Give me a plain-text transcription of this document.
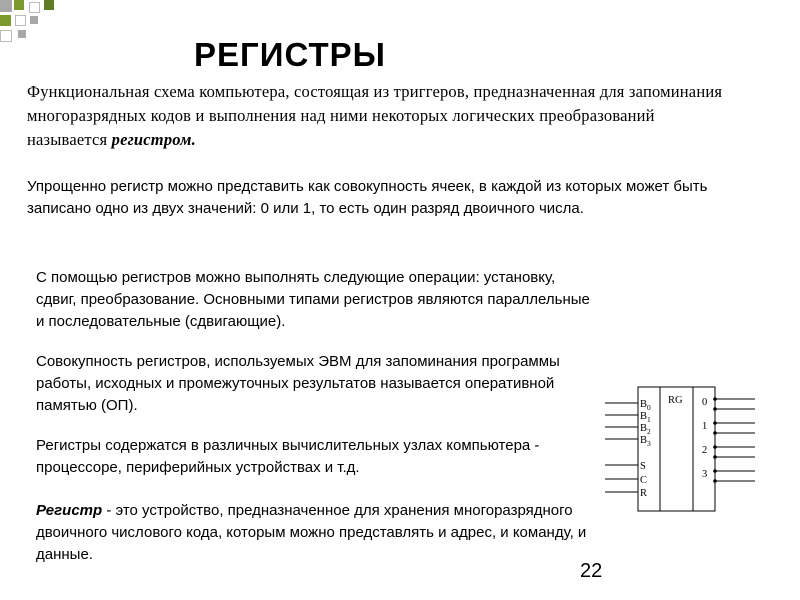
РЕГИСТРЫ

Функциональная схема компьютера, состоящая из триггеров, предназначенная для запоминания многоразрядных кодов и выполнения над ними некоторых логических преобразований называется регистром.

Упрощенно регистр можно представить как совокупность ячеек, в каждой из которых может быть записано одно из двух значений: 0 или 1, то есть один разряд двоичного числа.

С помощью регистров можно выполнять следующие операции: установку, сдвиг, преобразование. Основными типами регистров являются параллельные и последовательные (сдвигающие).

Совокупность регистров, используемых ЭВМ для запоминания программы работы, исходных и промежуточных результатов называется оперативной памятью (ОП).

Регистры содержатся в различных вычислительных узлах компьютера - процессоре, периферийных устройствах и т.д.

Регистр - это устройство, предназначенное для хранения многоразрядного двоичного числового кода, которым можно представлять и адрес, и команду, и данные.

RG
$B_0$
$B_1$
$B_2$
$B_3$
S
C
R
0
1
2
3
22
